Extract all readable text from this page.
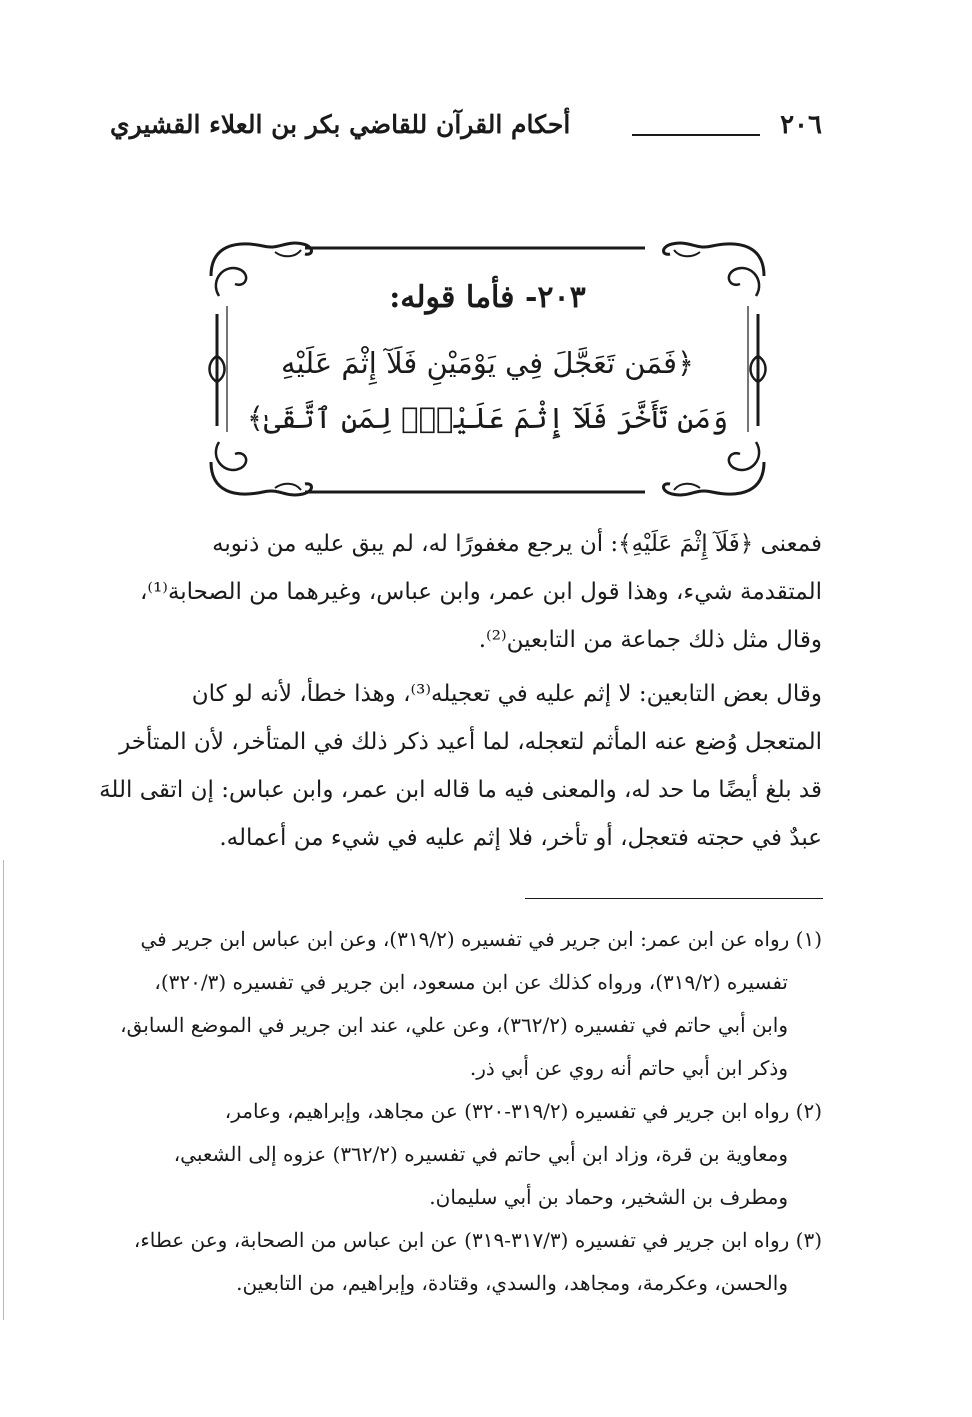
٢٠٦
أحكام القرآن للقاضي بكر بن العلاء القشيري
٢٠٣- فأما قوله:
﴿فَمَن تَعَجَّلَ فِي يَوْمَيْنِ فَلَآ إِثْمَ عَلَيْهِ
وَمَن تَأَخَّرَ فَلَآ إِثْمَ عَلَيْهِۚ لِمَنِ ٱتَّقَىٰ﴾
فمعنى ﴿فَلَآ إِثْمَ عَلَيْهِ﴾: أن يرجع مغفورًا له، لم يبق عليه من ذنوبه
المتقدمة شيء، وهذا قول ابن عمر، وابن عباس، وغيرهما من الصحابة⁽¹⁾،
وقال مثل ذلك جماعة من التابعين⁽²⁾.
وقال بعض التابعين: لا إثم عليه في تعجيله⁽³⁾، وهذا خطأ، لأنه لو كان
المتعجل وُضع عنه المأثم لتعجله، لما أعيد ذكر ذلك في المتأخر، لأن المتأخر
قد بلغ أيضًا ما حد له، والمعنى فيه ما قاله ابن عمر، وابن عباس: إن اتقى اللهَ
عبدٌ في حجته فتعجل، أو تأخر، فلا إثم عليه في شيء من أعماله.
(١) رواه عن ابن عمر: ابن جرير في تفسيره (٣١٩/٢)، وعن ابن عباس ابن جرير في
تفسيره (٣١٩/٢)، ورواه كذلك عن ابن مسعود، ابن جرير في تفسيره (٣٢٠/٣)،
وابن أبي حاتم في تفسيره (٣٦٢/٢)، وعن علي، عند ابن جرير في الموضع السابق،
وذكر ابن أبي حاتم أنه روي عن أبي ذر.
(٢) رواه ابن جرير في تفسيره (٣١٩/٢-٣٢٠) عن مجاهد، وإبراهيم، وعامر،
ومعاوية بن قرة، وزاد ابن أبي حاتم في تفسيره (٣٦٢/٢) عزوه إلى الشعبي،
ومطرف بن الشخير، وحماد بن أبي سليمان.
(٣) رواه ابن جرير في تفسيره (٣١٧/٣-٣١٩) عن ابن عباس من الصحابة، وعن عطاء،
والحسن، وعكرمة، ومجاهد، والسدي، وقتادة، وإبراهيم، من التابعين.
